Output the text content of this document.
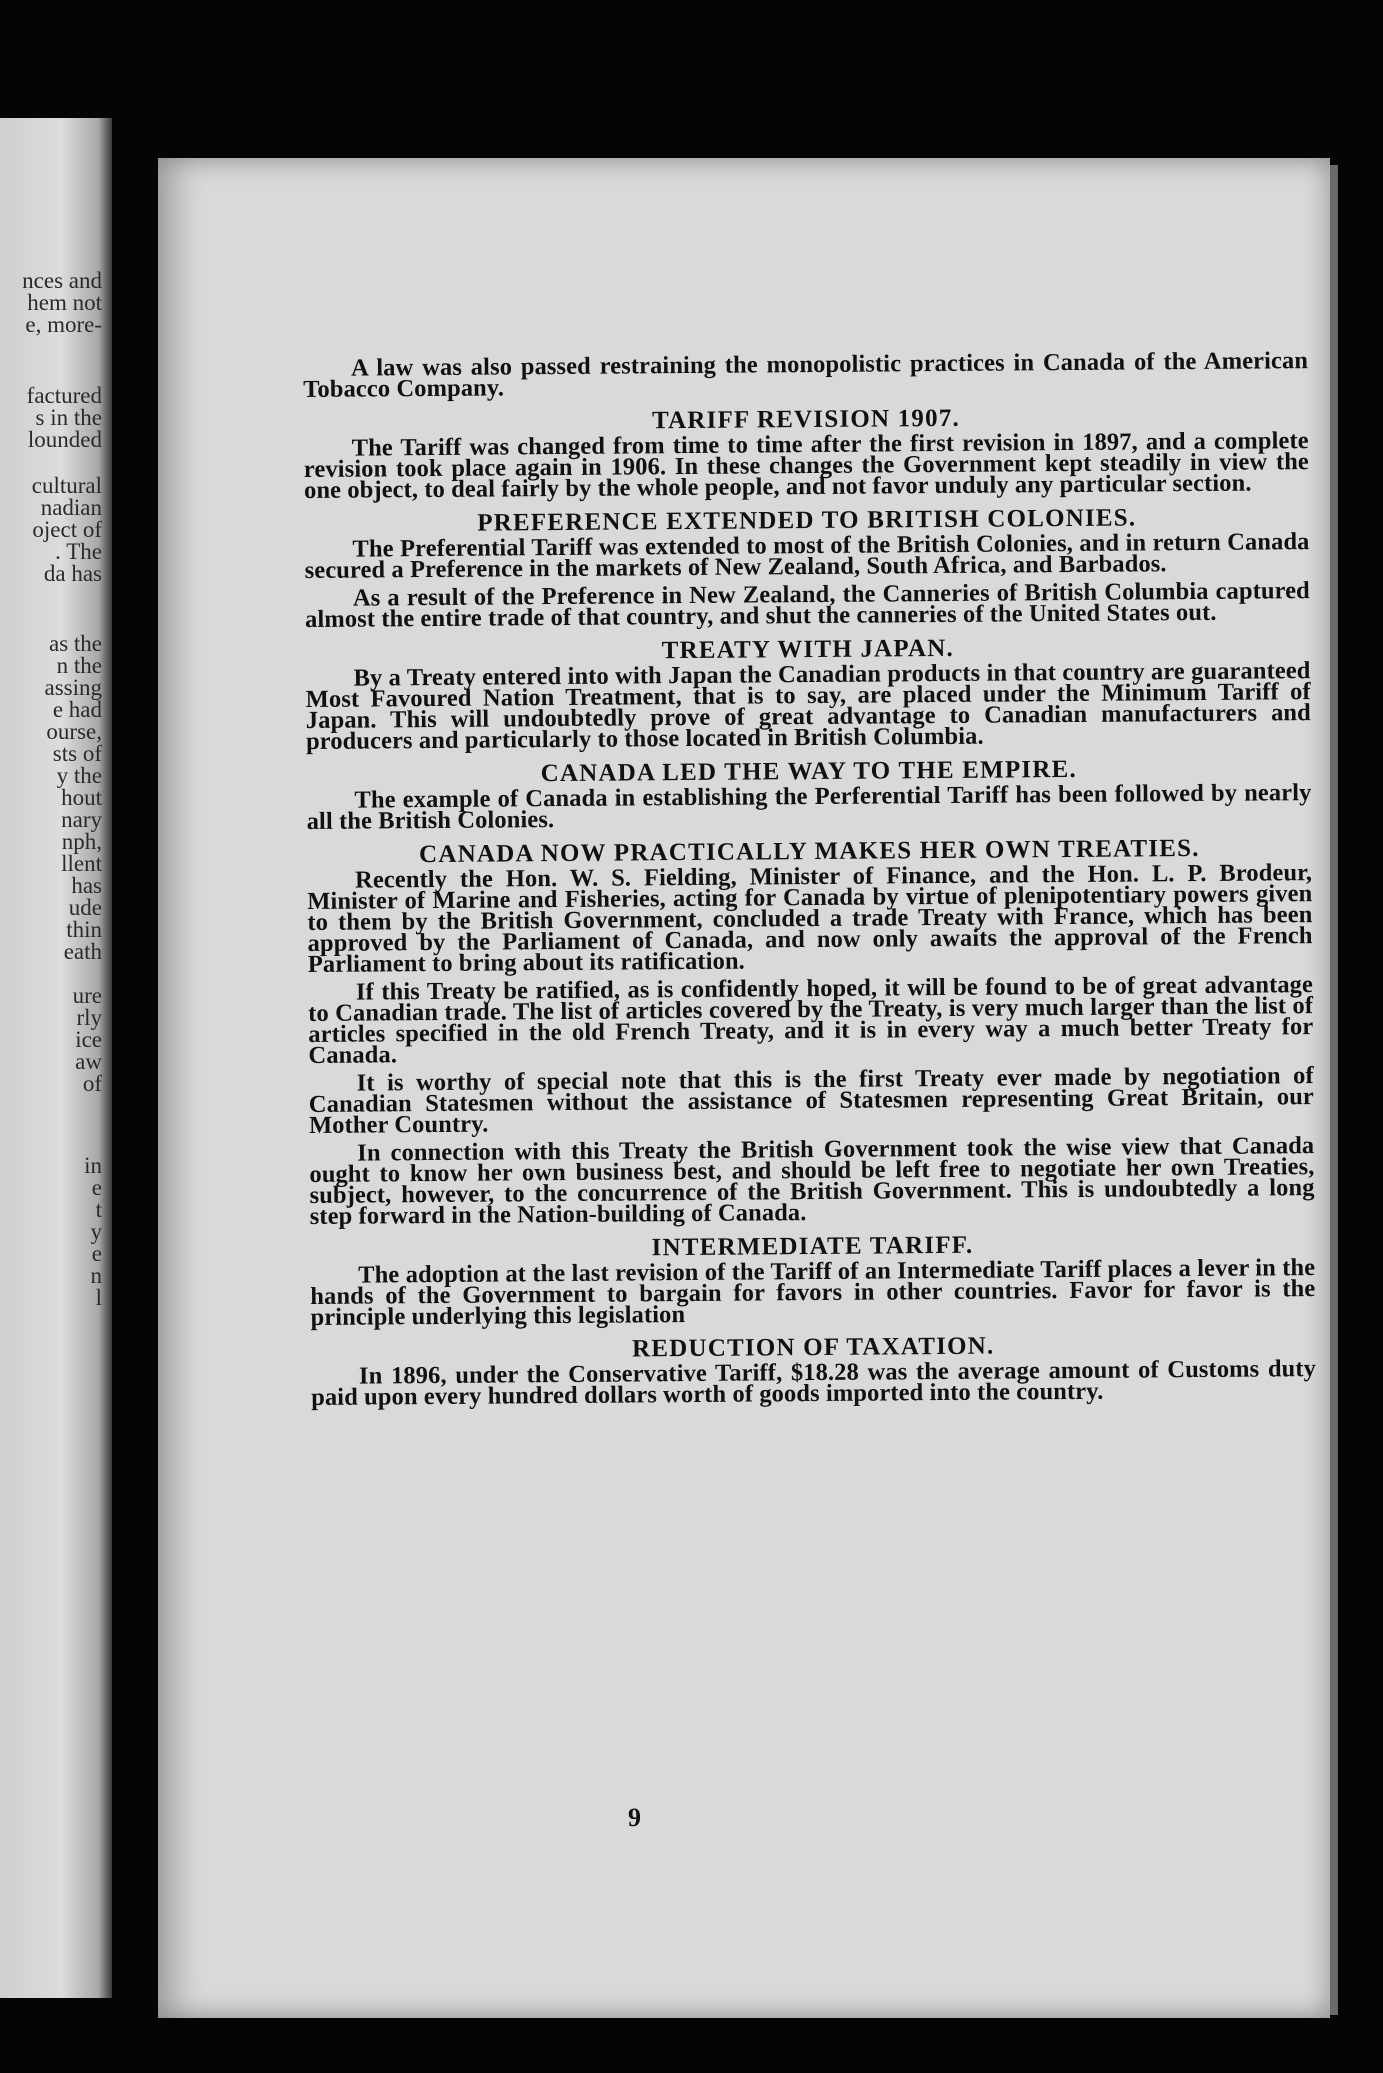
nces and
hem not
e, more-
factured
s in the
lounded
cultural
nadian
oject of
. The
da has
as the
n the
assing
e had
ourse,
sts of
y the
hout
nary
nph,
llent
has
ude
thin
eath
ure
rly
ice
aw
of
in
e
t
y
e
n
l

A law was also passed restraining the monopolistic practices in Canada of the American Tobacco Company.

TARIFF REVISION 1907.

The Tariff was changed from time to time after the first revision in 1897, and a complete revision took place again in 1906. In these changes the Government kept steadily in view the one object, to deal fairly by the whole people, and not favor unduly any particular section.

PREFERENCE EXTENDED TO BRITISH COLONIES.

The Preferential Tariff was extended to most of the British Colonies, and in return Canada secured a Preference in the markets of New Zealand, South Africa, and Barbados.

As a result of the Preference in New Zealand, the Canneries of British Columbia captured almost the entire trade of that country, and shut the canneries of the United States out.

TREATY WITH JAPAN.

By a Treaty entered into with Japan the Canadian products in that country are guaranteed Most Favoured Nation Treatment, that is to say, are placed under the Minimum Tariff of Japan. This will undoubtedly prove of great advantage to Canadian manufacturers and producers and particularly to those located in British Columbia.

CANADA LED THE WAY TO THE EMPIRE.

The example of Canada in establishing the Perferential Tariff has been followed by nearly all the British Colonies.

CANADA NOW PRACTICALLY MAKES HER OWN TREATIES.

Recently the Hon. W. S. Fielding, Minister of Finance, and the Hon. L. P. Brodeur, Minister of Marine and Fisheries, acting for Canada by virtue of plenipotentiary powers given to them by the British Government, concluded a trade Treaty with France, which has been approved by the Parliament of Canada, and now only awaits the approval of the French Parliament to bring about its ratification.

If this Treaty be ratified, as is confidently hoped, it will be found to be of great advantage to Canadian trade. The list of articles covered by the Treaty, is very much larger than the list of articles specified in the old French Treaty, and it is in every way a much better Treaty for Canada.

It is worthy of special note that this is the first Treaty ever made by negotiation of Canadian Statesmen without the assistance of Statesmen representing Great Britain, our Mother Country.

In connection with this Treaty the British Government took the wise view that Canada ought to know her own business best, and should be left free to negotiate her own Treaties, subject, however, to the concurrence of the British Government. This is undoubtedly a long step forward in the Nation-building of Canada.

INTERMEDIATE TARIFF.

The adoption at the last revision of the Tariff of an Intermediate Tariff places a lever in the hands of the Government to bargain for favors in other countries. Favor for favor is the principle underlying this legislation

REDUCTION OF TAXATION.

In 1896, under the Conservative Tariff, $18.28 was the average amount of Customs duty paid upon every hundred dollars worth of goods imported into the country.

9
